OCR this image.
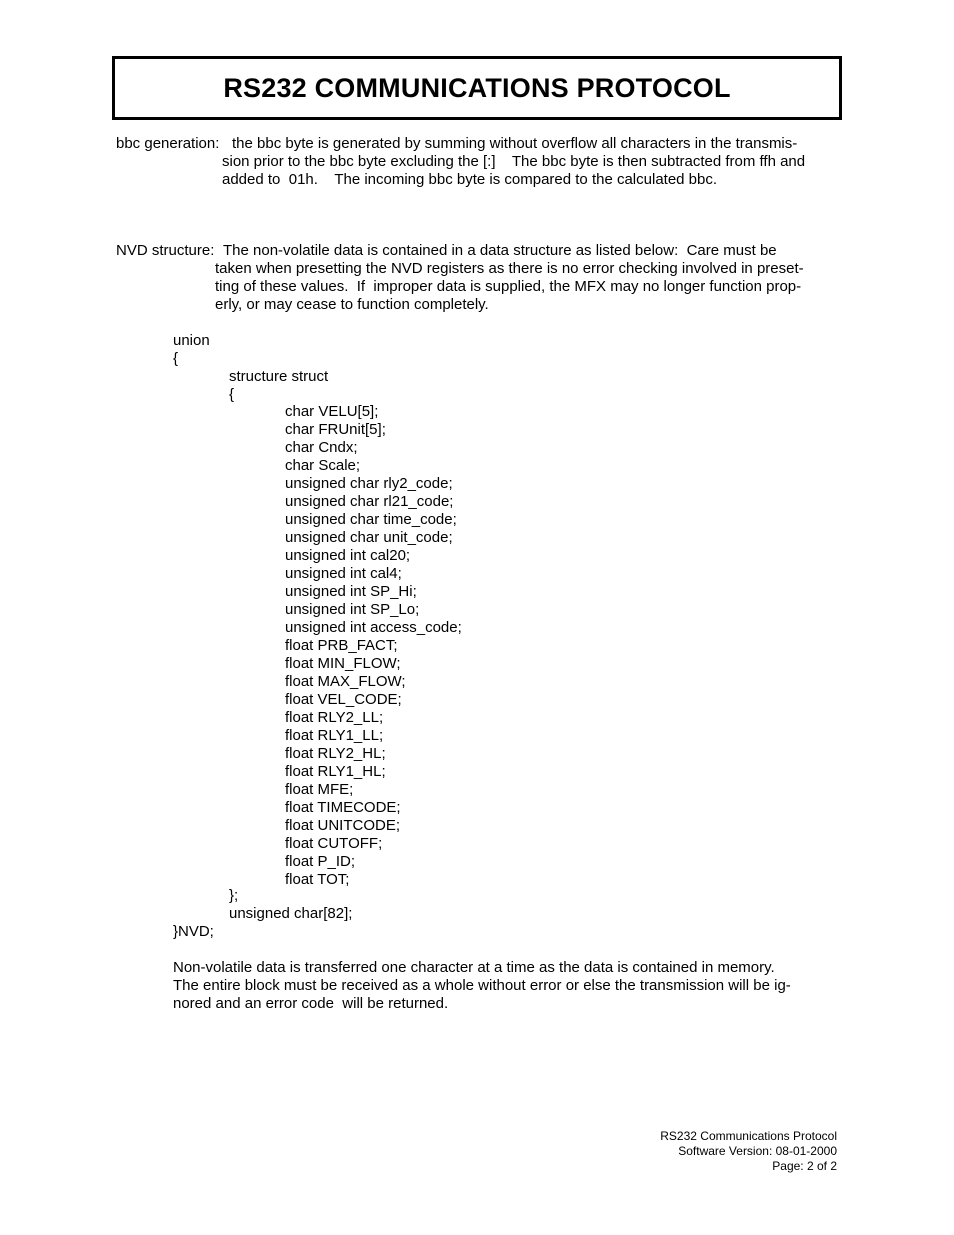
RS232 COMMUNICATIONS PROTOCOL
bbc generation: the bbc byte is generated by summing without overflow all characters in the transmis-
sion prior to the bbc byte excluding the [:]    The bbc byte is then subtracted from ffh and
added to  01h.    The incoming bbc byte is compared to the calculated bbc.
NVD structure: The non-volatile data is contained in a data structure as listed below:  Care must be
taken when presetting the NVD registers as there is no error checking involved in preset-
ting of these values.  If  improper data is supplied, the MFX may no longer function prop-
erly, or may cease to function completely.
union
{
structure struct
{
char VELU[5];
char FRUnit[5];
char Cndx;
char Scale;
unsigned char rly2_code;
unsigned char rl21_code;
unsigned char time_code;
unsigned char unit_code;
unsigned int cal20;
unsigned int cal4;
unsigned int SP_Hi;
unsigned int SP_Lo;
unsigned int access_code;
float PRB_FACT;
float MIN_FLOW;
float MAX_FLOW;
float VEL_CODE;
float RLY2_LL;
float RLY1_LL;
float RLY2_HL;
float RLY1_HL;
float MFE;
float TIMECODE;
float UNITCODE;
float CUTOFF;
float P_ID;
float TOT;
};
unsigned char[82];
}NVD;
Non-volatile data is transferred one character at a time as the data is contained in memory.
The entire block must be received as a whole without error or else the transmission will be ig-
nored and an error code  will be returned.
RS232 Communications Protocol
Software Version: 08-01-2000
Page: 2 of 2
